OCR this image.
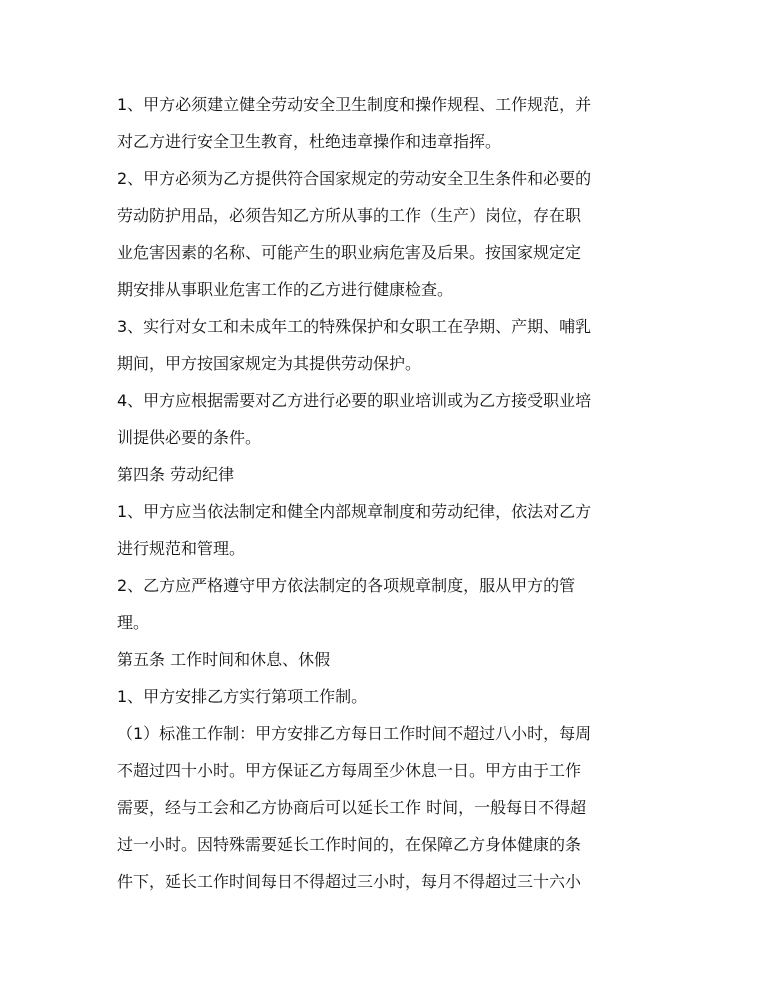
1、甲方必须建立健全劳动安全卫生制度和操作规程、工作规范，并
对乙方进行安全卫生教育，杜绝违章操作和违章指挥。
2、甲方必须为乙方提供符合国家规定的劳动安全卫生条件和必要的
劳动防护用品，必须告知乙方所从事的工作（生产）岗位，存在职
业危害因素的名称、可能产生的职业病危害及后果。按国家规定定
期安排从事职业危害工作的乙方进行健康检查。
3、实行对女工和未成年工的特殊保护和女职工在孕期、产期、哺乳
期间，甲方按国家规定为其提供劳动保护。
4、甲方应根据需要对乙方进行必要的职业培训或为乙方接受职业培
训提供必要的条件。
第四条 劳动纪律
1、甲方应当依法制定和健全内部规章制度和劳动纪律，依法对乙方
进行规范和管理。
2、乙方应严格遵守甲方依法制定的各项规章制度，服从甲方的管
理。
第五条 工作时间和休息、休假
1、甲方安排乙方实行第项工作制。
（1）标准工作制：甲方安排乙方每日工作时间不超过八小时，每周
不超过四十小时。甲方保证乙方每周至少休息一日。甲方由于工作
需要，经与工会和乙方协商后可以延长工作 时间，一般每日不得超
过一小时。因特殊需要延长工作时间的，在保障乙方身体健康的条
件下，延长工作时间每日不得超过三小时，每月不得超过三十六小
